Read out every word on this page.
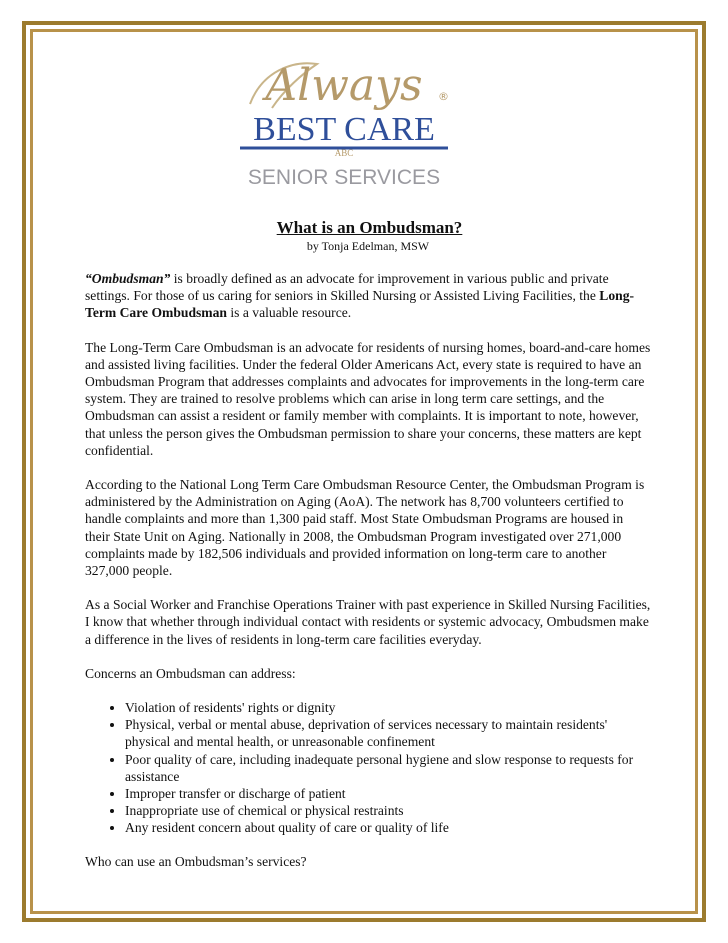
Always ®
BEST CARE
ABC
SENIOR SERVICES
What is an Ombudsman?
by Tonja Edelman, MSW

“Ombudsman” is broadly defined as an advocate for improvement in various public and private settings. For those of us caring for seniors in Skilled Nursing or Assisted Living Facilities, the Long-Term Care Ombudsman is a valuable resource.

The Long-Term Care Ombudsman is an advocate for residents of nursing homes, board-and-care homes and assisted living facilities. Under the federal Older Americans Act, every state is required to have an Ombudsman Program that addresses complaints and advocates for improvements in the long-term care system. They are trained to resolve problems which can arise in long term care settings, and the Ombudsman can assist a resident or family member with complaints. It is important to note, however, that unless the person gives the Ombudsman permission to share your concerns, these matters are kept confidential.

According to the National Long Term Care Ombudsman Resource Center, the Ombudsman Program is administered by the Administration on Aging (AoA). The network has 8,700 volunteers certified to handle complaints and more than 1,300 paid staff. Most State Ombudsman Programs are housed in their State Unit on Aging. Nationally in 2008, the Ombudsman Program investigated over 271,000 complaints made by 182,506 individuals and provided information on long-term care to another 327,000 people.

As a Social Worker and Franchise Operations Trainer with past experience in Skilled Nursing Facilities, I know that whether through individual contact with residents or systemic advocacy, Ombudsmen make a difference in the lives of residents in long-term care facilities everyday.

Concerns an Ombudsman can address:
• Violation of residents' rights or dignity
• Physical, verbal or mental abuse, deprivation of services necessary to maintain residents' physical and mental health, or unreasonable confinement
• Poor quality of care, including inadequate personal hygiene and slow response to requests for assistance
• Improper transfer or discharge of patient
• Inappropriate use of chemical or physical restraints
• Any resident concern about quality of care or quality of life
Who can use an Ombudsman’s services?
